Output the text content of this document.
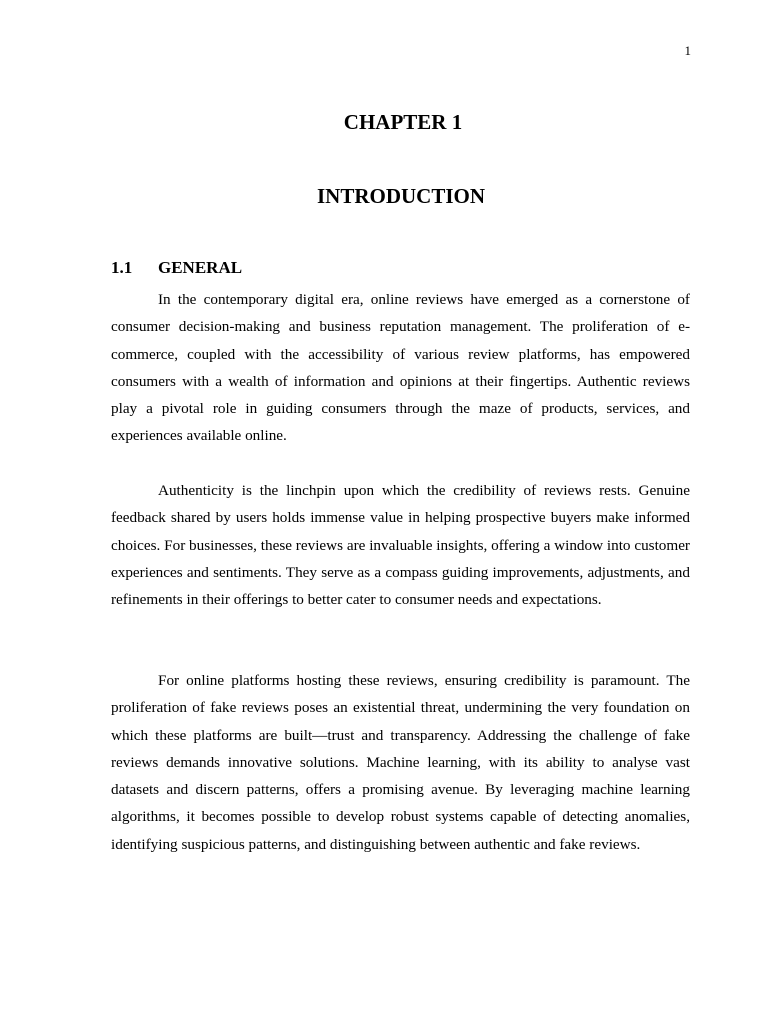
1
CHAPTER 1
INTRODUCTION
1.1 GENERAL

In the contemporary digital era, online reviews have emerged as a cornerstone of consumer decision-making and business reputation management. The proliferation of e-commerce, coupled with the accessibility of various review platforms, has empowered consumers with a wealth of information and opinions at their fingertips. Authentic reviews play a pivotal role in guiding consumers through the maze of products, services, and experiences available online.

Authenticity is the linchpin upon which the credibility of reviews rests. Genuine feedback shared by users holds immense value in helping prospective buyers make informed choices. For businesses, these reviews are invaluable insights, offering a window into customer experiences and sentiments. They serve as a compass guiding improvements, adjustments, and refinements in their offerings to better cater to consumer needs and expectations.

For online platforms hosting these reviews, ensuring credibility is paramount. The proliferation of fake reviews poses an existential threat, undermining the very foundation on which these platforms are built—trust and transparency. Addressing the challenge of fake reviews demands innovative solutions. Machine learning, with its ability to analyse vast datasets and discern patterns, offers a promising avenue. By leveraging machine learning algorithms, it becomes possible to develop robust systems capable of detecting anomalies, identifying suspicious patterns, and distinguishing between authentic and fake reviews.
